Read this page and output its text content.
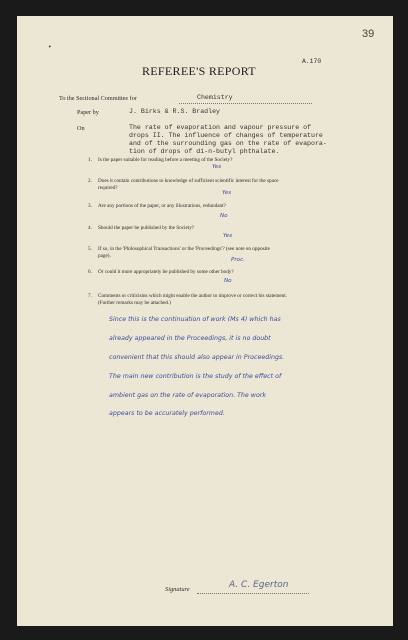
39
•
A.170
REFEREE'S REPORT
To the Sectional Committee for	Chemistry
Paper by	J. Birks & R.S. Bradley
On	The rate of evaporation and vapour pressure of
drops II. The influence of changes of temperature
and of the surrounding gas on the rate of evapora-
tion of drops of di-n-butyl phthalate.
1. Is the paper suitable for reading before a meeting of the Society?
Yes
2. Does it contain contributions to knowledge of sufficient scientific interest for the space
required?
Yes
3. Are any portions of the paper, or any illustrations, redundant?
No
4. Should the paper be published by the Society?
Yes
5. If so, in the 'Philosophical Transactions' or the 'Proceedings'? (see note on opposite
page).
Proc.
6. Or could it more appropriately be published by some other body?
No
7. Comments or criticisms which might enable the author to improve or correct his statement.
(Further remarks may be attached.)
Since this is the continuation of work (Ms 4) which has
already appeared in the Proceedings, it is no doubt
convenient that this should also appear in Proceedings.
The main new contribution is the study of the effect of
ambient gas on the rate of evaporation. The work
appears to be accurately performed.
Signature	A. C. Egerton
